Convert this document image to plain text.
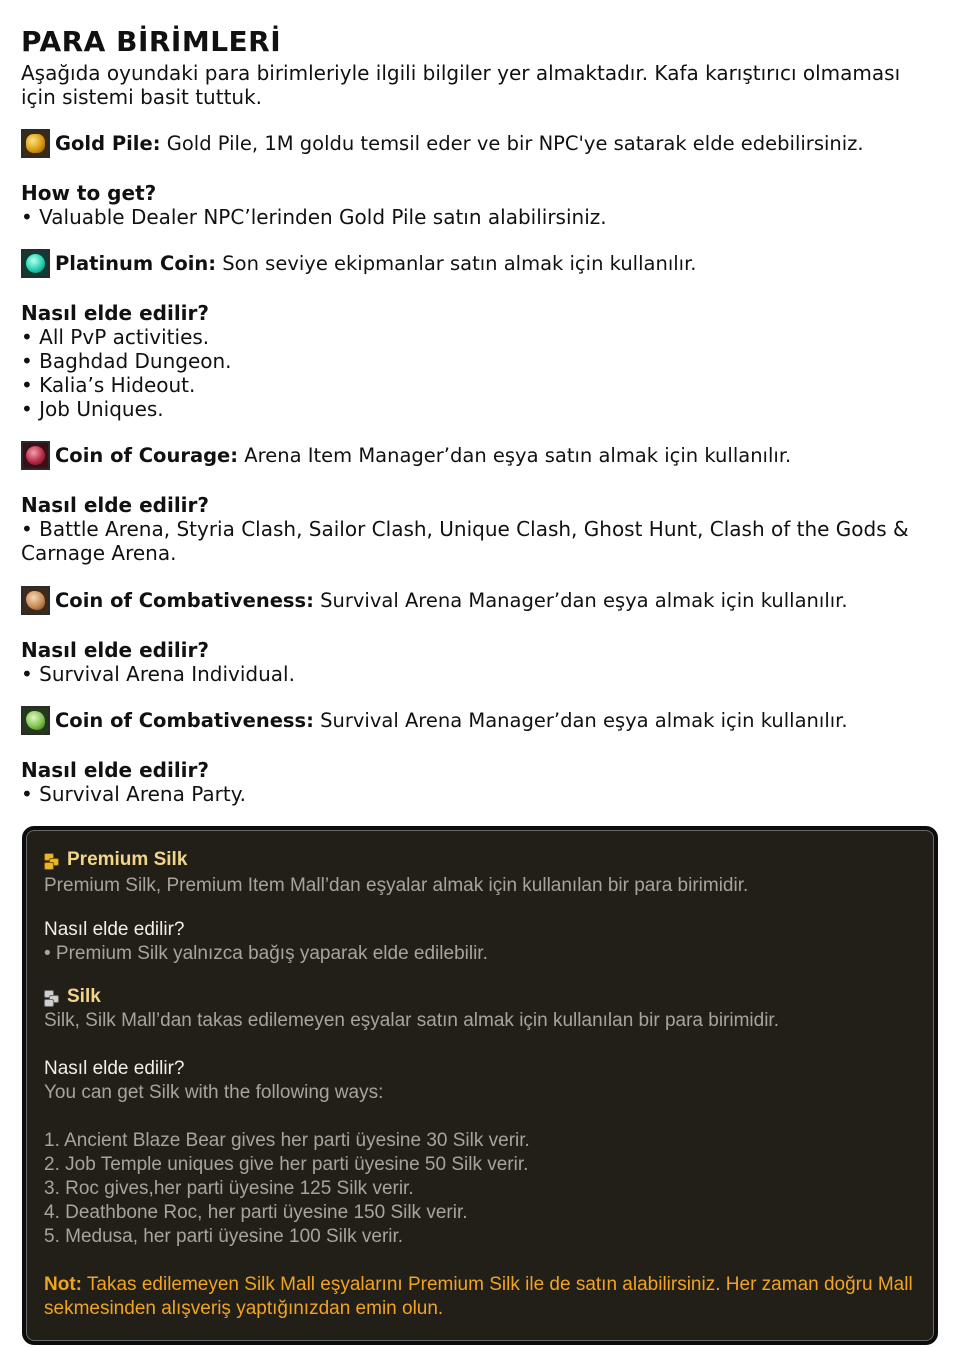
PARA BİRİMLERİ

Aşağıda oyundaki para birimleriyle ilgili bilgiler yer almaktadır. Kafa karıştırıcı olmaması için sistemi basit tuttuk.

Gold Pile:
Gold Pile, 1M goldu temsil eder ve bir NPC'ye satarak elde edebilirsiniz.

How to get?

• Valuable Dealer NPC’lerinden Gold Pile satın alabilirsiniz.

Platinum Coin:
Son seviye ekipmanlar satın almak için kullanılır.

Nasıl elde edilir?

• All PvP activities.

• Baghdad Dungeon.

• Kalia’s Hideout.

• Job Uniques.

Coin of Courage:
Arena Item Manager’dan eşya satın almak için kullanılır.

Nasıl elde edilir?

• Battle Arena, Styria Clash, Sailor Clash, Unique Clash, Ghost Hunt, Clash of the Gods & Carnage Arena.

Coin of Combativeness:
Survival Arena Manager’dan eşya almak için kullanılır.

Nasıl elde edilir?

• Survival Arena Individual.

Coin of Combativeness:
Survival Arena Manager’dan eşya almak için kullanılır.

Nasıl elde edilir?

• Survival Arena Party.

Premium Silk

Premium Silk, Premium Item Mall’dan eşyalar almak için kullanılan bir para birimidir.

Nasıl elde edilir?

• Premium Silk yalnızca bağış yaparak elde edilebilir.

Silk

Silk, Silk Mall’dan takas edilemeyen eşyalar satın almak için kullanılan bir para birimidir.

Nasıl elde edilir?

You can get Silk with the following ways:

1. Ancient Blaze Bear gives her parti üyesine 30 Silk verir.

2. Job Temple uniques give her parti üyesine 50 Silk verir.

3. Roc gives,her parti üyesine 125 Silk verir.

4. Deathbone Roc, her parti üyesine 150 Silk verir.

5. Medusa, her parti üyesine 100 Silk verir.

Not: Takas edilemeyen Silk Mall eşyalarını Premium Silk ile de satın alabilirsiniz. Her zaman doğru Mall sekmesinden alışveriş yaptığınızdan emin olun.
